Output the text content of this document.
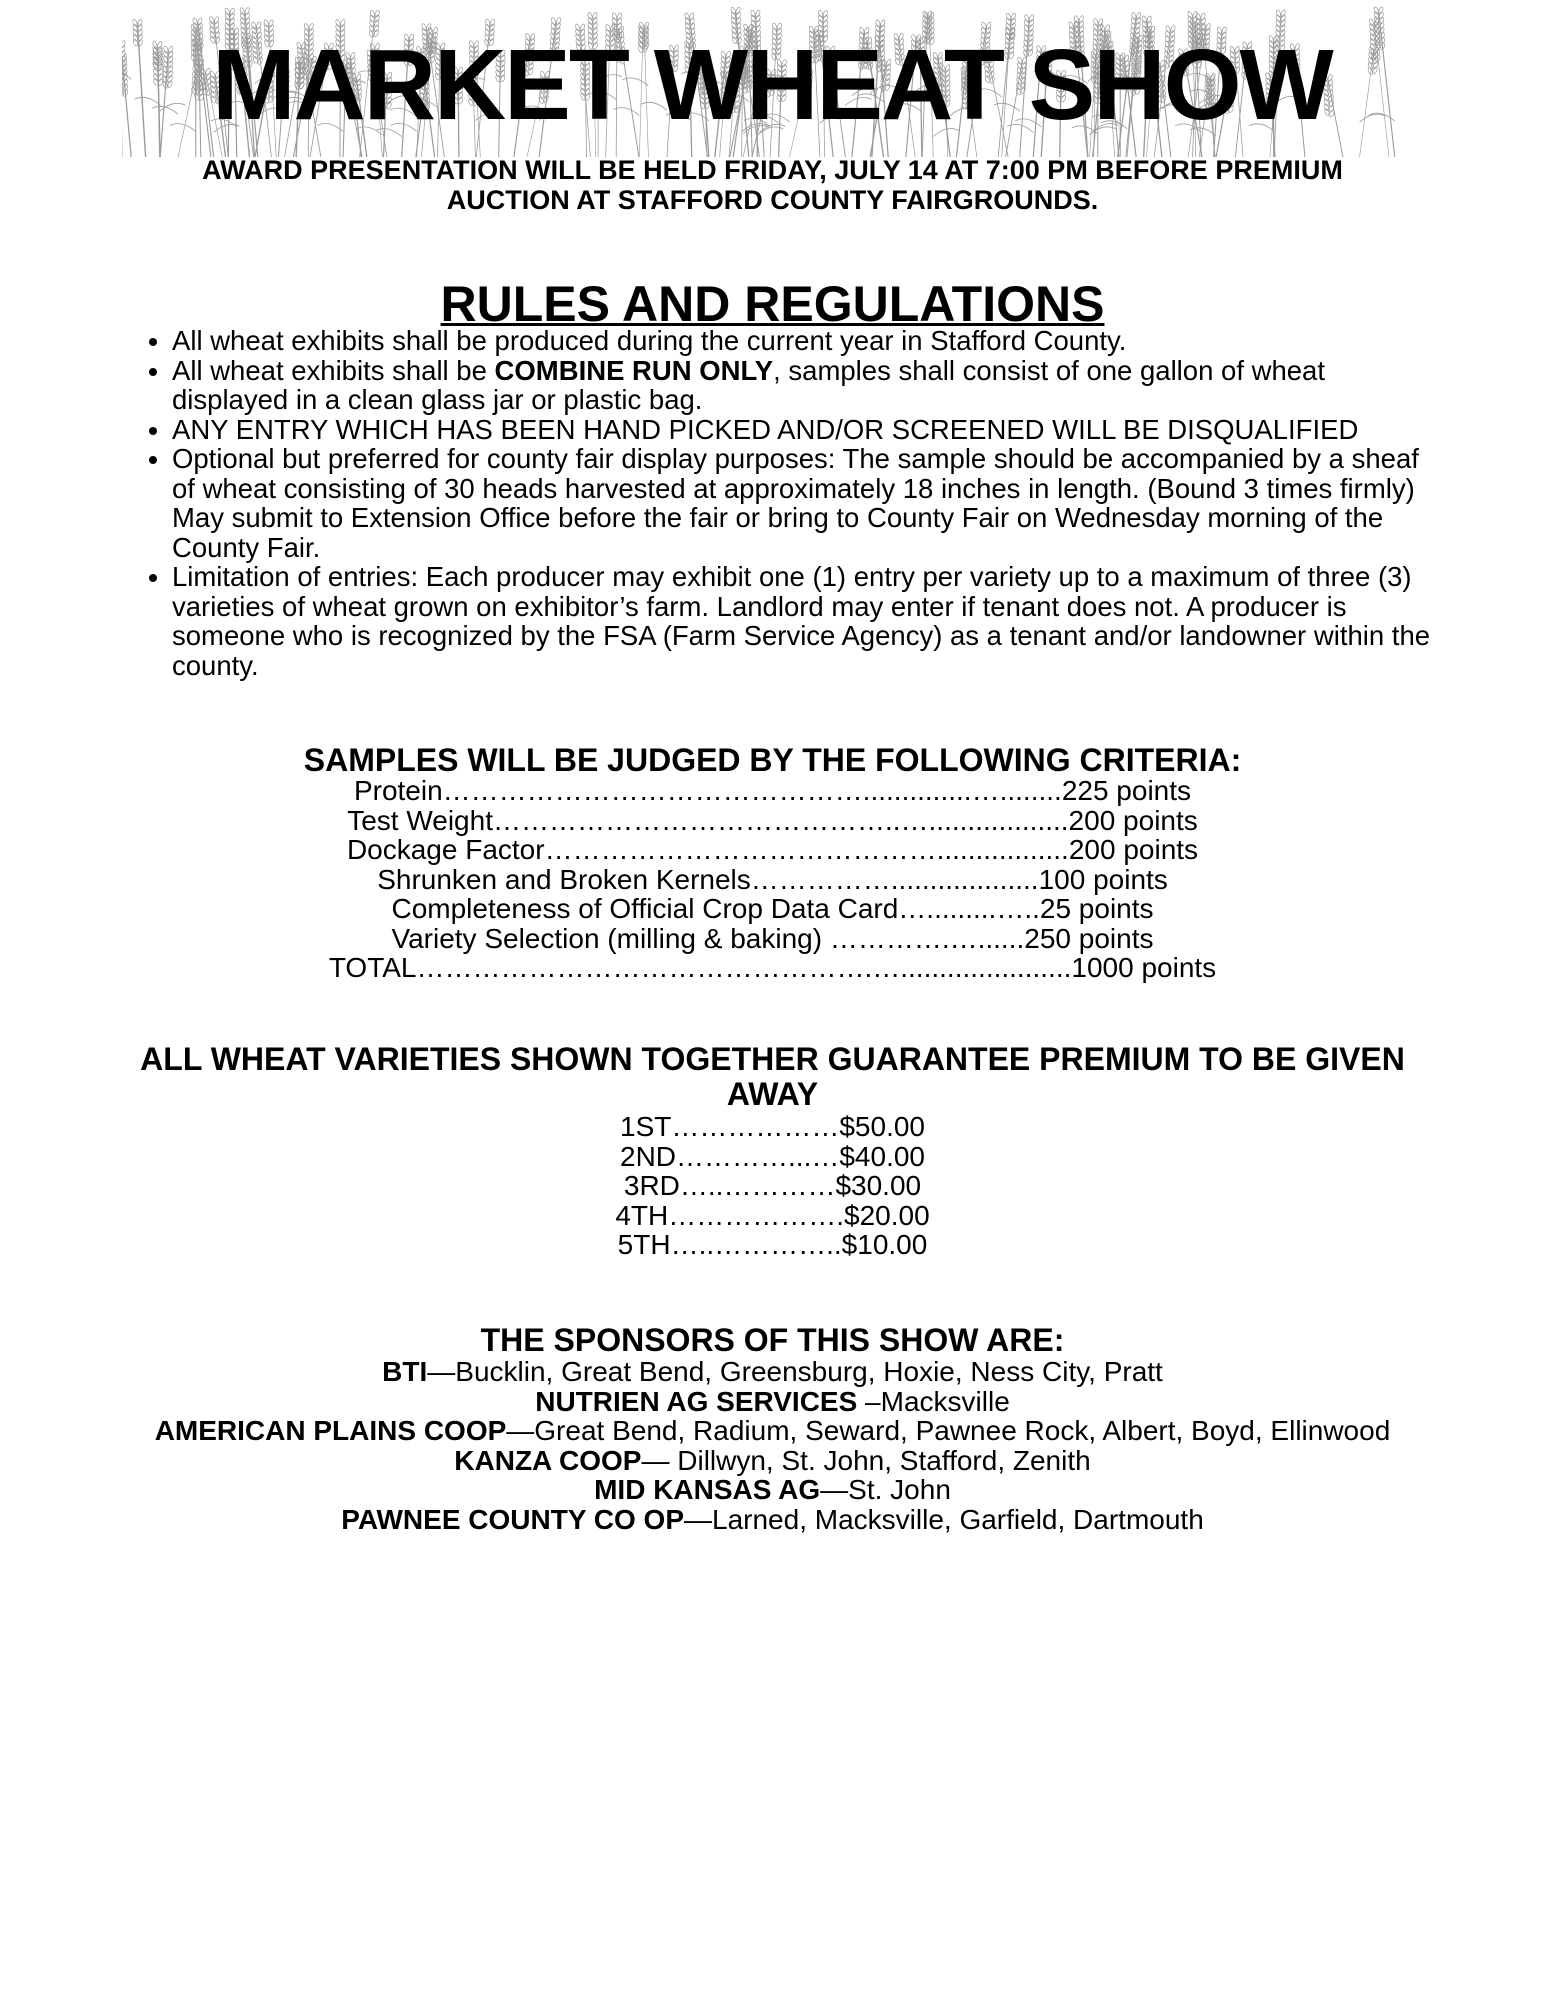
MARKET WHEAT SHOW

AWARD PRESENTATION WILL BE HELD FRIDAY, JULY 14 AT 7:00 PM BEFORE PREMIUM AUCTION AT STAFFORD COUNTY FAIRGROUNDS.

RULES AND REGULATIONS
• All wheat exhibits shall be produced during the current year in Stafford County.
• All wheat exhibits shall be COMBINE RUN ONLY, samples shall consist of one gallon of wheat displayed in a clean glass jar or plastic bag.
• ANY ENTRY WHICH HAS BEEN HAND PICKED AND/OR SCREENED WILL BE DISQUALIFIED
• Optional but preferred for county fair display purposes: The sample should be accompanied by a sheaf of wheat consisting of 30 heads harvested at approximately 18 inches in length. (Bound 3 times firmly) May submit to Extension Office before the fair or bring to County Fair on Wednesday morning of the County Fair.
• Limitation of entries: Each producer may exhibit one (1) entry per variety up to a maximum of three (3) varieties of wheat grown on exhibitor’s farm. Landlord may enter if tenant does not. A producer is someone who is recognized by the FSA (Farm Service Agency) as a tenant and/or landowner within the county.
SAMPLES WILL BE JUDGED BY THE FOLLOWING CRITERIA:
Protein………………………………………..............…........225 points
Test Weight……………………………………..…..................200 points
Dockage Factor…………………………………….................200 points
Shrunken and Broken Kernels……………...................100 points
Completeness of Official Crop Data Card….........…..25 points
Variety Selection (milling & baking) ………….…......250 points
TOTAL………………………………………….…......................1000 points
ALL WHEAT VARIETIES SHOWN TOGETHER GUARANTEE PREMIUM TO BE GIVEN AWAY
1ST………………$50.00
2ND…………...…$40.00
3RD…..…………$30.00
4TH……………….$20.00
5TH…..…………..$10.00
THE SPONSORS OF THIS SHOW ARE:
BTI—Bucklin, Great Bend, Greensburg, Hoxie, Ness City, Pratt
NUTRIEN AG SERVICES –Macksville
AMERICAN PLAINS COOP—Great Bend, Radium, Seward, Pawnee Rock, Albert, Boyd, Ellinwood
KANZA COOP— Dillwyn, St. John, Stafford, Zenith
MID KANSAS AG—St. John
PAWNEE COUNTY CO OP—Larned, Macksville, Garfield, Dartmouth
